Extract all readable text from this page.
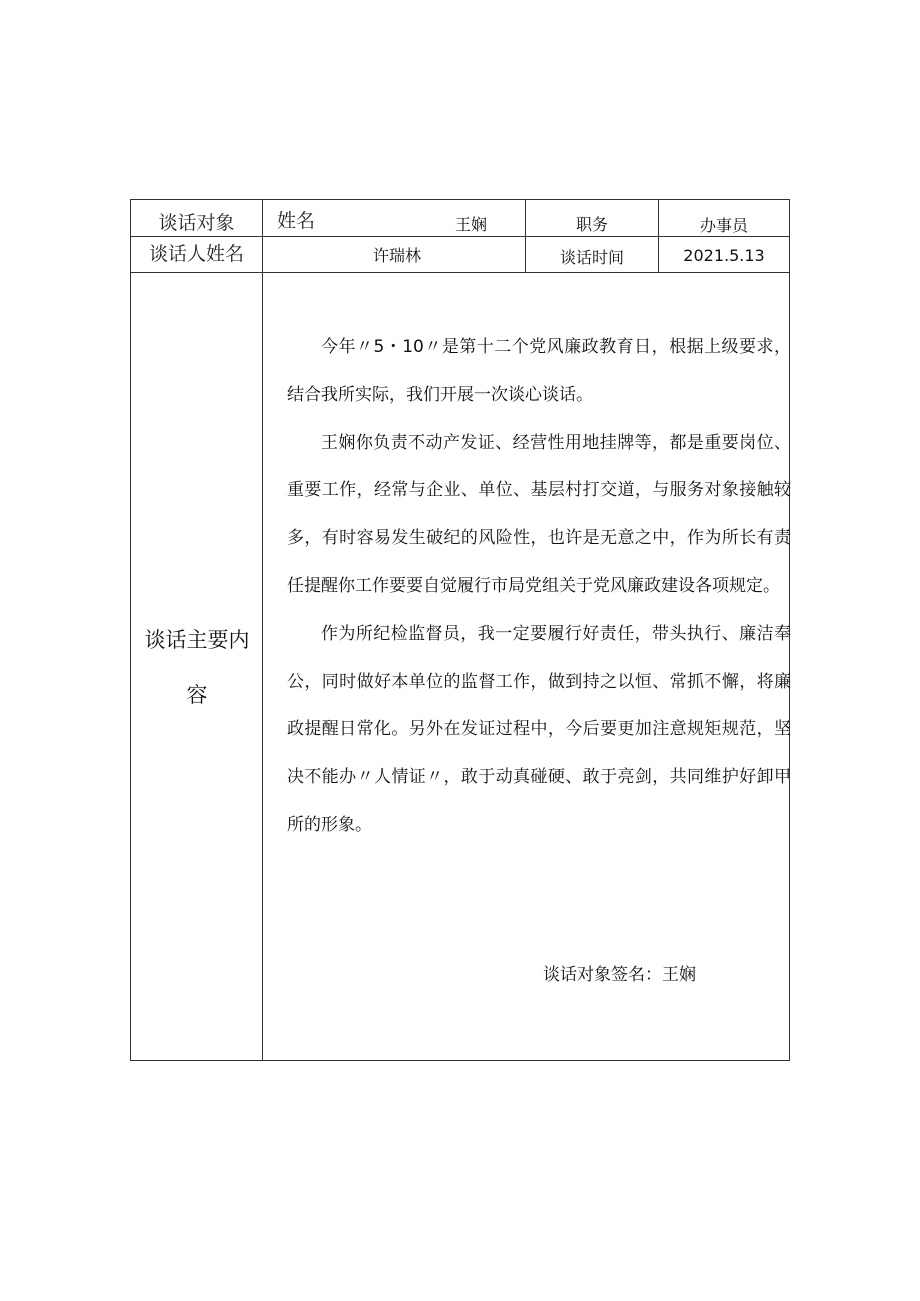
谈话对象	姓名	王娴	职务	办事员
谈话人姓名	许瑞林	谈话时间	2021.5.13
谈话主要内
容

今年〃5・10〃是第十二个党风廉政教育日，根据上级要求，结合我所实际，我们开展一次谈心谈话。

王娴你负责不动产发证、经营性用地挂牌等，都是重要岗位、重要工作，经常与企业、单位、基层村打交道，与服务对象接触较多，有时容易发生破纪的风险性，也许是无意之中，作为所长有责任提醒你工作要要自觉履行市局党组关于党风廉政建设各项规定。

作为所纪检监督员，我一定要履行好责任，带头执行、廉洁奉公，同时做好本单位的监督工作，做到持之以恒、常抓不懈，将廉政提醒日常化。另外在发证过程中，今后要更加注意规矩规范，坚决不能办〃人情证〃，敢于动真碰硬、敢于亮剑，共同维护好卸甲所的形象。

谈话对象签名：王娴
